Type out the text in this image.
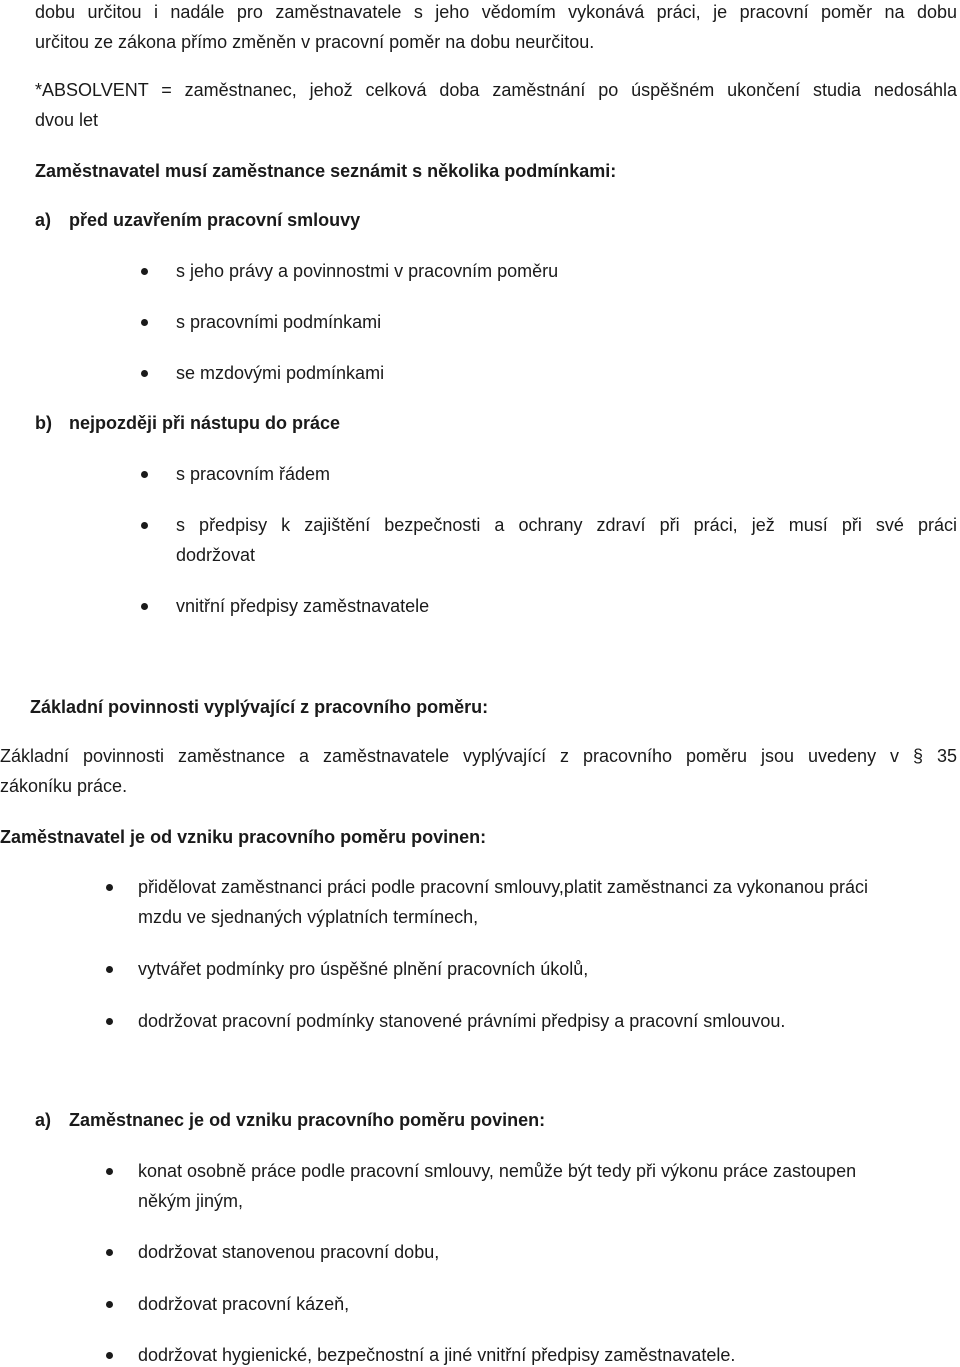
dobu určitou i nadále pro zaměstnavatele s jeho vědomím vykonává práci, je pracovní poměr na dobu
určitou ze zákona přímo změněn v pracovní poměr na dobu neurčitou.
*ABSOLVENT = zaměstnanec, jehož celková doba zaměstnání po úspěšném ukončení studia nedosáhla
dvou let
Zaměstnavatel musí zaměstnance seznámit s několika podmínkami:
a) před uzavřením pracovní smlouvy
s jeho právy a povinnostmi v pracovním poměru
s pracovními podmínkami
se mzdovými podmínkami
b) nejpozději při nástupu do práce
s pracovním řádem
s předpisy k zajištění bezpečnosti a ochrany zdraví při práci, jež musí při své práci
dodržovat
vnitřní předpisy zaměstnavatele
Základní povinnosti vyplývající z pracovního poměru:
Základní povinnosti zaměstnance a zaměstnavatele vyplývající z pracovního poměru jsou uvedeny v § 35
zákoníku práce.
Zaměstnavatel je od vzniku pracovního poměru povinen:
přidělovat zaměstnanci práci podle pracovní smlouvy,platit zaměstnanci za vykonanou práci
mzdu ve sjednaných výplatních termínech,
vytvářet podmínky pro úspěšné plnění pracovních úkolů,
dodržovat pracovní podmínky stanovené právními předpisy a pracovní smlouvou.
a) Zaměstnanec je od vzniku pracovního poměru povinen:
konat osobně práce podle pracovní smlouvy, nemůže být tedy při výkonu práce zastoupen
někým jiným,
dodržovat stanovenou pracovní dobu,
dodržovat pracovní kázeň,
dodržovat hygienické, bezpečnostní a jiné vnitřní předpisy zaměstnavatele.
